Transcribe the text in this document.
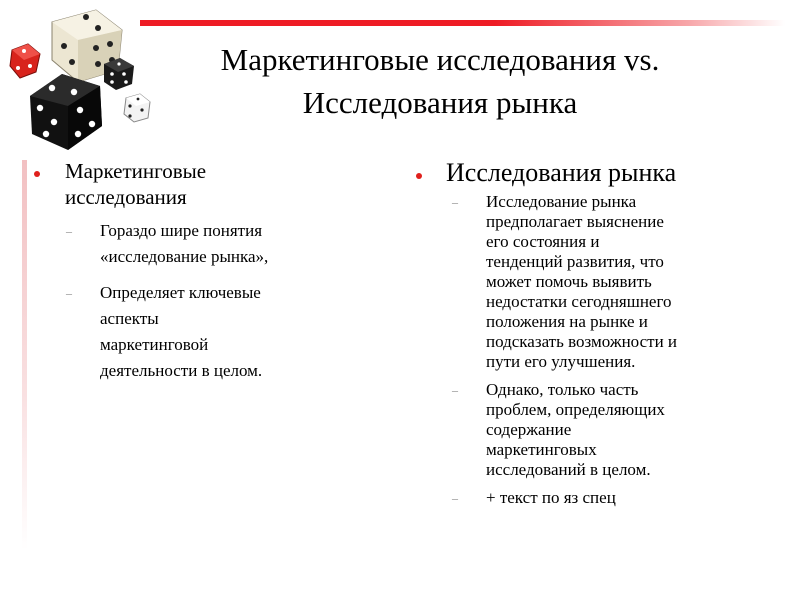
Маркетинговые исследования vs.
Исследования рынка
Маркетинговые
исследования
–	Гораздо шире понятия
«исследование рынка»,
–	Определяет ключевые
аспекты
маркетинговой
деятельности в целом.
Исследования рынка
–	Исследование рынка
предполагает выяснение
его состояния и
тенденций развития, что
может помочь выявить
недостатки сегодняшнего
положения на рынке и
подсказать возможности и
пути его улучшения.
–	Однако, только часть
проблем, определяющих
содержание
маркетинговых
исследований в целом.
–	+ текст по яз спец
